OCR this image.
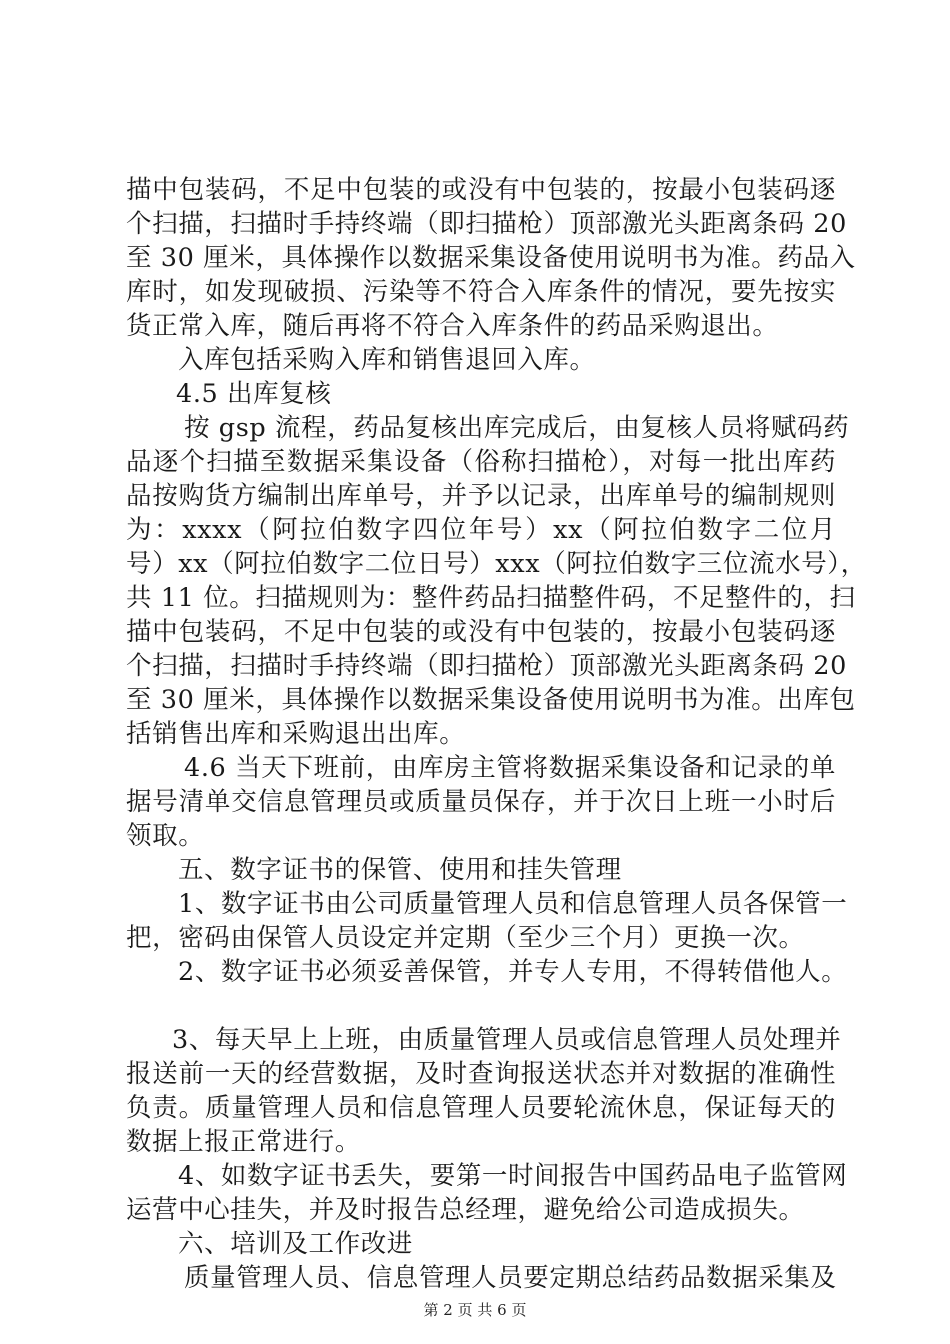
描中包装码，不足中包装的或没有中包装的，按最小包装码逐
个扫描，扫描时手持终端（即扫描枪）顶部激光头距离条码 20
至 30 厘米，具体操作以数据采集设备使用说明书为准。药品入
库时，如发现破损、污染等不符合入库条件的情况，要先按实
货正常入库，随后再将不符合入库条件的药品采购退出。
入库包括采购入库和销售退回入库。
4.5 出库复核
按 gsp 流程，药品复核出库完成后，由复核人员将赋码药
品逐个扫描至数据采集设备（俗称扫描枪），对每一批出库药
品按购货方编制出库单号，并予以记录，出库单号的编制规则
为：xxxx（阿拉伯数字四位年号）xx（阿拉伯数字二位月
号）xx（阿拉伯数字二位日号）xxx（阿拉伯数字三位流水号），
共 11 位。扫描规则为：整件药品扫描整件码，不足整件的，扫
描中包装码，不足中包装的或没有中包装的，按最小包装码逐
个扫描，扫描时手持终端（即扫描枪）顶部激光头距离条码 20
至 30 厘米，具体操作以数据采集设备使用说明书为准。出库包
括销售出库和采购退出出库。
4.6 当天下班前，由库房主管将数据采集设备和记录的单
据号清单交信息管理员或质量员保存，并于次日上班一小时后
领取。
五、数字证书的保管、使用和挂失管理
1、数字证书由公司质量管理人员和信息管理人员各保管一
把，密码由保管人员设定并定期（至少三个月）更换一次。
2、数字证书必须妥善保管，并专人专用，不得转借他人。
3、每天早上上班，由质量管理人员或信息管理人员处理并
报送前一天的经营数据，及时查询报送状态并对数据的准确性
负责。质量管理人员和信息管理人员要轮流休息，保证每天的
数据上报正常进行。
4、如数字证书丢失，要第一时间报告中国药品电子监管网
运营中心挂失，并及时报告总经理，避免给公司造成损失。
六、培训及工作改进
质量管理人员、信息管理人员要定期总结药品数据采集及
第 2 页 共 6 页
